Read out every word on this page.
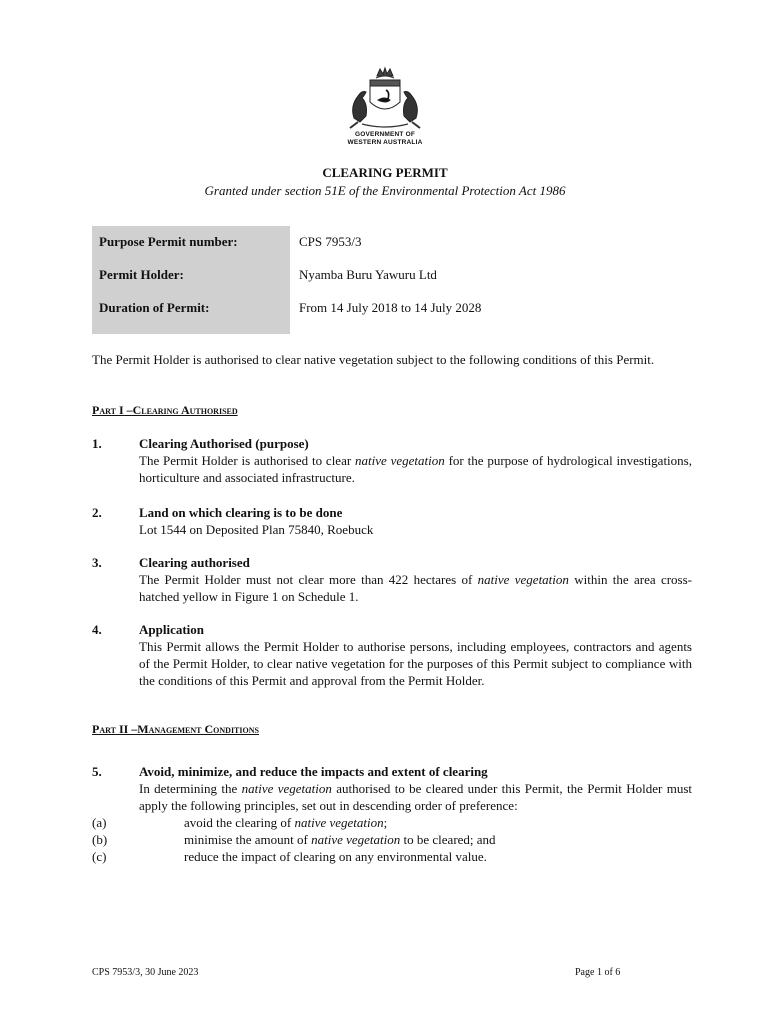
GOVERNMENT OF
WESTERN AUSTRALIA
CLEARING PERMIT
Granted under section 51E of the Environmental Protection Act 1986
Purpose Permit number:	CPS 7953/3
Permit Holder:	Nyamba Buru Yawuru Ltd
Duration of Permit:	From 14 July 2018 to 14 July 2028
The Permit Holder is authorised to clear native vegetation subject to the following conditions of this Permit.
Part I –Clearing Authorised
1.	Clearing Authorised (purpose)
The Permit Holder is authorised to clear native vegetation for the purpose of hydrological investigations, horticulture and associated infrastructure.
2.	Land on which clearing is to be done
Lot 1544 on Deposited Plan 75840, Roebuck
3.	Clearing authorised
The Permit Holder must not clear more than 422 hectares of native vegetation within the area cross-hatched yellow in Figure 1 on Schedule 1.
4.	Application
This Permit allows the Permit Holder to authorise persons, including employees, contractors and agents of the Permit Holder, to clear native vegetation for the purposes of this Permit subject to compliance with the conditions of this Permit and approval from the Permit Holder.
Part II –Management Conditions
5.	Avoid, minimize, and reduce the impacts and extent of clearing
In determining the native vegetation authorised to be cleared under this Permit, the Permit Holder must apply the following principles, set out in descending order of preference:
(a)	avoid the clearing of native vegetation;
(b)	minimise the amount of native vegetation to be cleared; and
(c)	reduce the impact of clearing on any environmental value.
CPS 7953/3, 30 June 2023	Page 1 of 6
